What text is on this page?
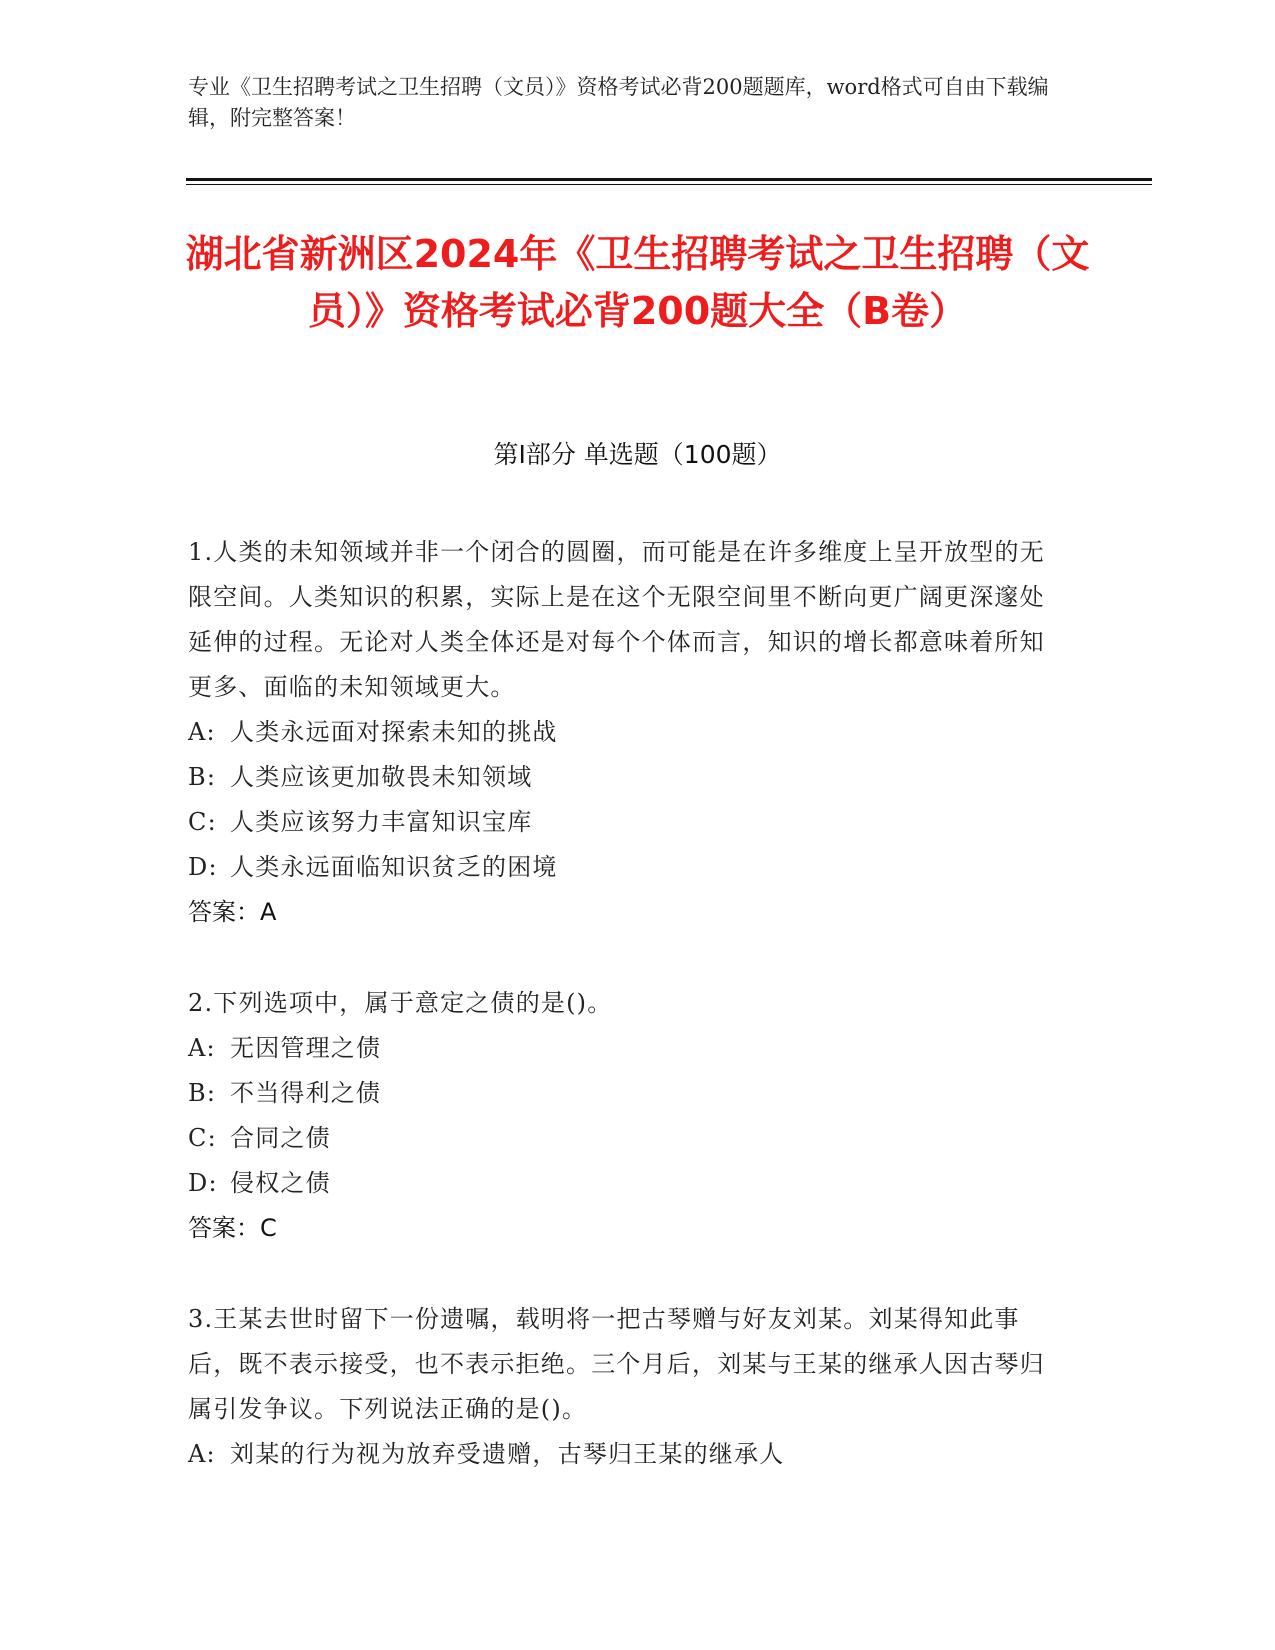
专业《卫生招聘考试之卫生招聘（文员）》资格考试必背200题题库，word格式可自由下载编辑，附完整答案！
湖北省新洲区2024年《卫生招聘考试之卫生招聘（文员）》资格考试必背200题大全（B卷）
第Ⅰ部分 单选题（100题）
1.人类的未知领域并非一个闭合的圆圈，而可能是在许多维度上呈开放型的无限空间。人类知识的积累，实际上是在这个无限空间里不断向更广阔更深邃处延伸的过程。无论对人类全体还是对每个个体而言，知识的增长都意味着所知更多、面临的未知领域更大。
A: 人类永远面对探索未知的挑战
B: 人类应该更加敬畏未知领域
C: 人类应该努力丰富知识宝库
D: 人类永远面临知识贫乏的困境
答案：A
2.下列选项中，属于意定之债的是()。
A: 无因管理之债
B: 不当得利之债
C: 合同之债
D: 侵权之债
答案：C
3.王某去世时留下一份遗嘱，载明将一把古琴赠与好友刘某。刘某得知此事后，既不表示接受，也不表示拒绝。三个月后，刘某与王某的继承人因古琴归属引发争议。下列说法正确的是()。
A: 刘某的行为视为放弃受遗赠，古琴归王某的继承人
